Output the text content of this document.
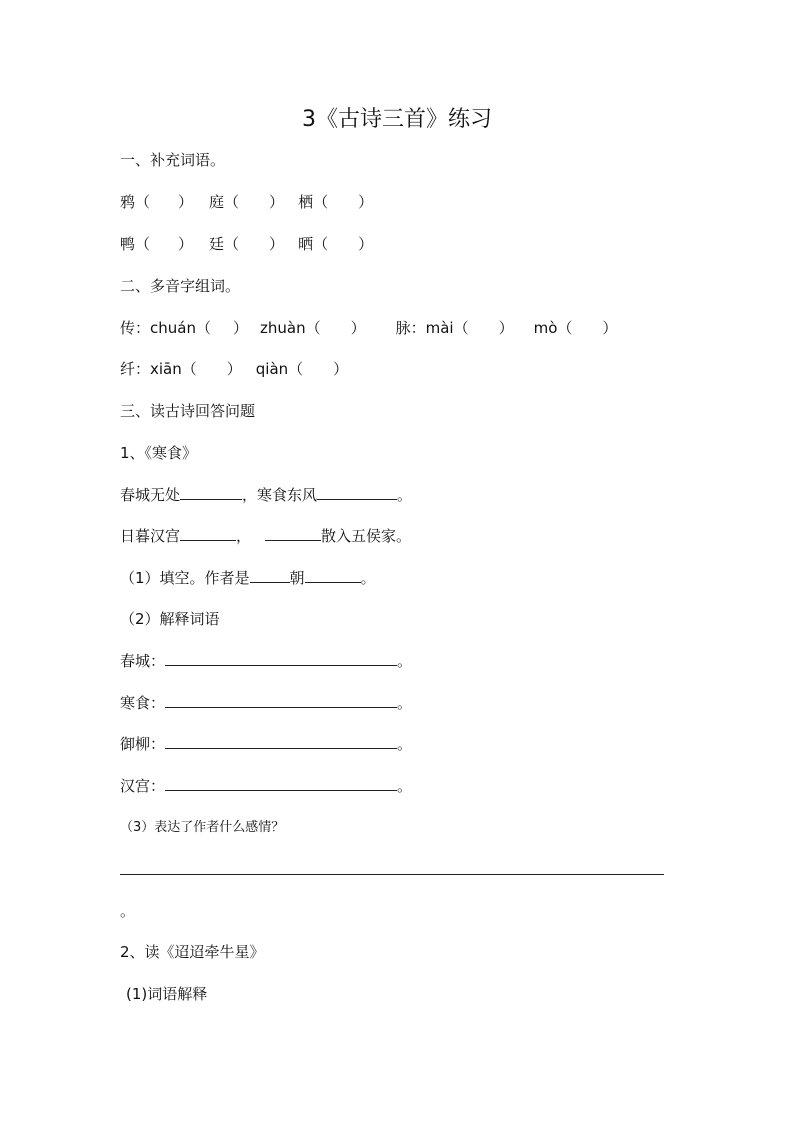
3《古诗三首》练习
一、补充词语。
鸦（ ） 庭（ ） 栖（ ）
鸭（ ） 廷（ ） 晒（ ）
二、多音字组词。
传：chuán（ ） zhuàn（ ） 脉：mài（ ） mò（ ）
纤：xiān（ ） qiàn（ ）
三、读古诗回答问题
1、《寒食》
春城无处	，寒食东风	。
日暮汉宫	，	散入五侯家。
（1）填空。作者是	朝	。
（2）解释词语
春城：	。
寒食：	。
御柳：	。
汉宫：	。
（3）表达了作者什么感情？
。
2、读《迢迢牵牛星》
(1)词语解释
